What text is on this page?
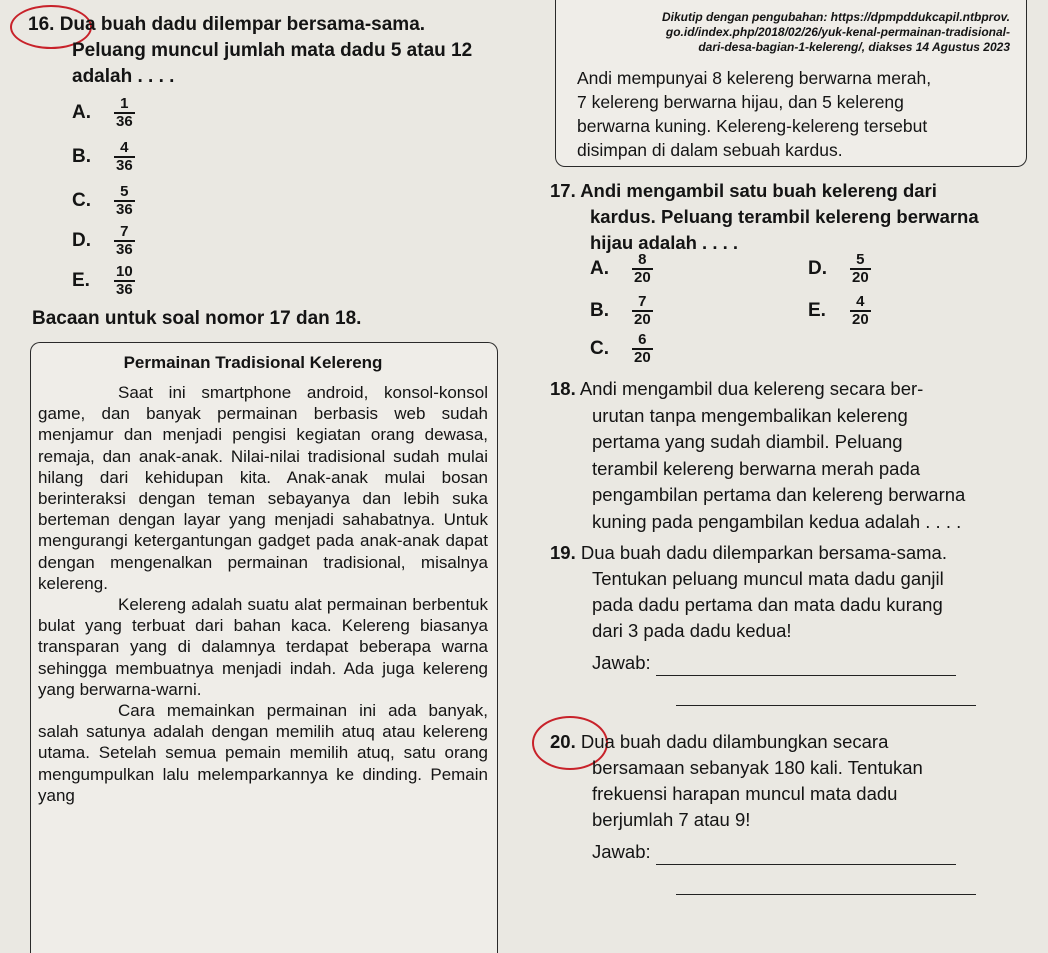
16. Dua buah dadu dilempar bersama-sama.
Peluang muncul jumlah mata dadu 5 atau 12
adalah . . . .
A.	$\frac{1}{36}$
B.	$\frac{4}{36}$
C.	$\frac{5}{36}$
D.	$\frac{7}{36}$
E.	$\frac{10}{36}$
Dikutip dengan pengubahan: https://dpmpddukcapil.ntbprov.
go.id/index.php/2018/02/26/yuk-kenal-permainan-tradisional-
dari-desa-bagian-1-kelereng/, diakses 14 Agustus 2023
Andi mempunyai 8 kelereng berwarna merah,
7 kelereng berwarna hijau, dan 5 kelereng
berwarna kuning. Kelereng-kelereng tersebut
disimpan di dalam sebuah kardus.
Bacaan untuk soal nomor 17 dan 18.
Permainan Tradisional Kelereng

Saat ini smartphone android, konsol-konsol game, dan banyak permainan berbasis web sudah menjamur dan menjadi pengisi kegiatan orang dewasa, remaja, dan anak-anak. Nilai-nilai tradisional sudah mulai hilang dari kehidupan kita. Anak-anak mulai bosan berinteraksi dengan teman sebayanya dan lebih suka berteman dengan layar yang menjadi sahabatnya. Untuk mengurangi ketergantungan gadget pada anak-anak dapat dengan mengenalkan permainan tradisional, misalnya kelereng.

Kelereng adalah suatu alat permainan berbentuk bulat yang terbuat dari bahan kaca. Kelereng biasanya transparan yang di dalamnya terdapat beberapa warna sehingga membuatnya menjadi indah. Ada juga kelereng yang berwarna-warni.

Cara memainkan permainan ini ada banyak, salah satunya adalah dengan memilih atuq atau kelereng utama. Setelah semua pemain memilih atuq, satu orang mengumpulkan lalu melemparkannya ke dinding. Pemain yang

17. Andi mengambil satu buah kelereng dari
kardus. Peluang terambil kelereng berwarna
hijau adalah . . . .
A.	$\frac{8}{20}$
B.	$\frac{7}{20}$
C.	$\frac{6}{20}$
D.	$\frac{5}{20}$
E.	$\frac{4}{20}$
18. Andi mengambil dua kelereng secara ber-
urutan tanpa mengembalikan kelereng
pertama yang sudah diambil. Peluang
terambil kelereng berwarna merah pada
pengambilan pertama dan kelereng berwarna
kuning pada pengambilan kedua adalah . . . .
19. Dua buah dadu dilemparkan bersama-sama.
Tentukan peluang muncul mata dadu ganjil
pada dadu pertama dan mata dadu kurang
dari 3 pada dadu kedua!
Jawab:
20. Dua buah dadu dilambungkan secara
bersamaan sebanyak 180 kali. Tentukan
frekuensi harapan muncul mata dadu
berjumlah 7 atau 9!
Jawab:
